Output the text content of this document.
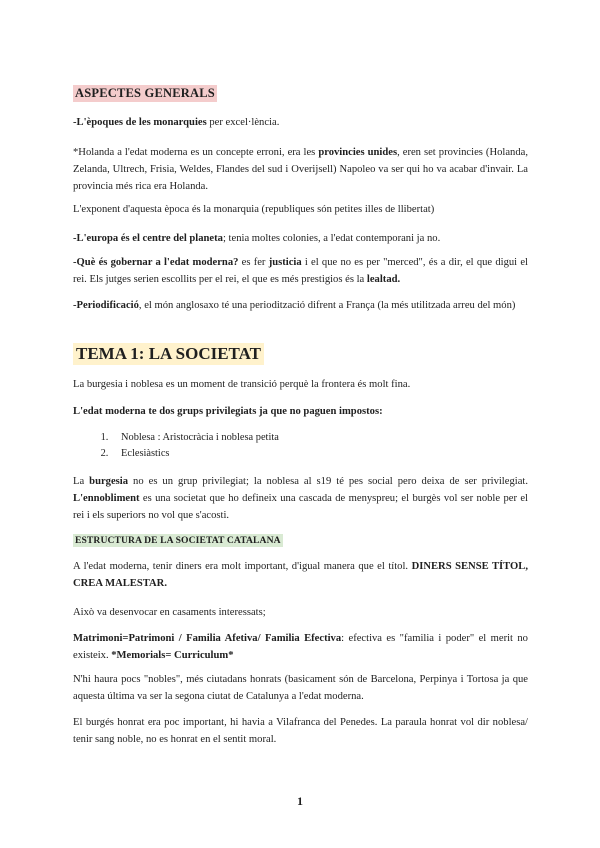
ASPECTES GENERALS

-L'èpoques de les monarquies per excel·lència.

*Holanda a l'edat moderna es un concepte erroni, era les provincies unides, eren set provincies (Holanda, Zelanda, Ultrech, Frisia, Weldes, Flandes del sud i Overijsell) Napoleo va ser qui ho va acabar d'invair. La provincia més rica era Holanda.

L'exponent d'aquesta època és la monarquia (republiques són petites illes de llibertat)

-L'europa és el centre del planeta; tenia moltes colonies, a l'edat contemporani ja no.

-Què és gobernar a l'edat moderna? es fer justicia i el que no es per "merced", és a dir, el que digui el rei. Els jutges serien escollits per el rei, el que es més prestigios és la lealtad.

-Periodificació, el món anglosaxo té una periodització difrent a França (la més utilitzada arreu del món)

TEMA 1: LA SOCIETAT

La burgesia i noblesa es un moment de transició perquè la frontera és molt fina.

L'edat moderna te dos grups privilegiats ja que no paguen impostos:

1. Noblesa : Aristocràcia i noblesa petita
2. Eclesiàstics

La burgesia no es un grup privilegiat; la noblesa al s19 té pes social pero deixa de ser privilegiat. L'ennobliment es una societat que ho defineix una cascada de menyspreu; el burgès vol ser noble per el rei i els superiors no vol que s'acosti.

ESTRUCTURA DE LA SOCIETAT CATALANA

A l'edat moderna, tenir diners era molt important, d'igual manera que el títol. DINERS SENSE TÍTOL, CREA MALESTAR.

Això va desenvocar en casaments interessats;

Matrimoni=Patrimoni / Familia Afetiva/ Familia Efectiva: efectiva es "familia i poder" el merit no existeix. *Memorials= Curriculum*

N'hi haura pocs "nobles", més ciutadans honrats (basicament són de Barcelona, Perpinya i Tortosa ja que aquesta última va ser la segona ciutat de Catalunya a l'edat moderna.

El burgés honrat era poc important, hi havia a Vilafranca del Penedes. La paraula honrat vol dir noblesa/ tenir sang noble, no es honrat en el sentit moral.

1
